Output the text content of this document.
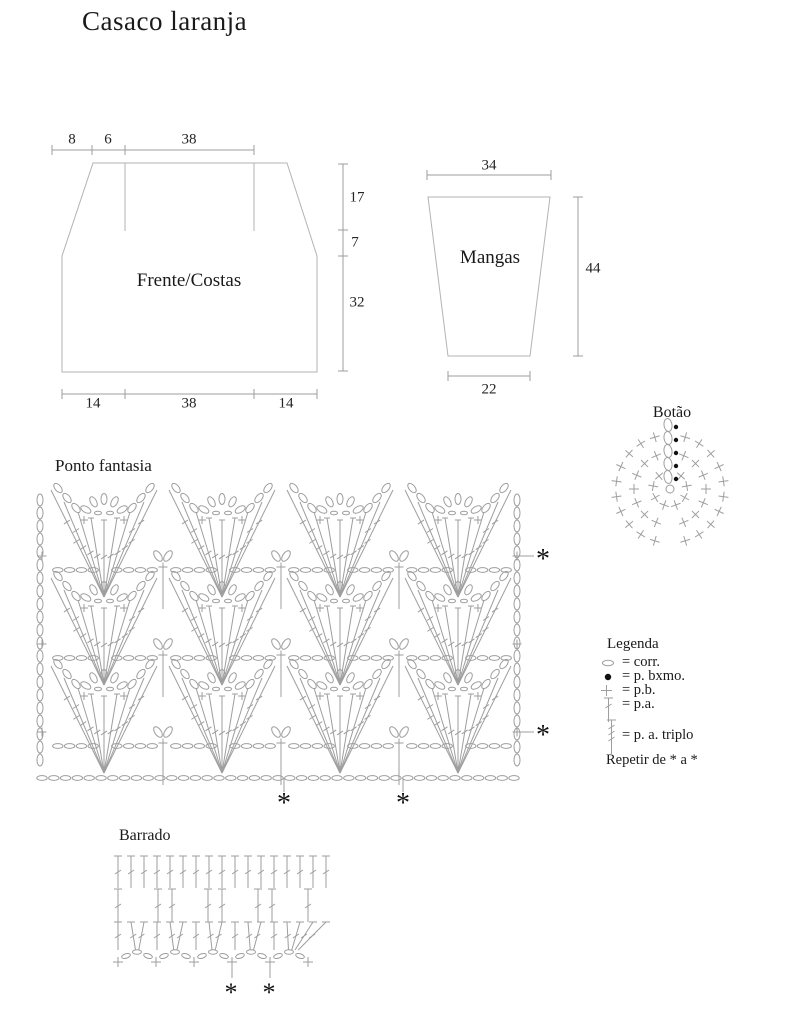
Casaco laranja
Frente/Costas
8 6	38
17
7
32
14	38	14
Mangas
34
44
22
Botão
Ponto fantasia
*
*
*	*
Legenda
= corr.
= p. bxmo.
= p.b.
= p.a.
= p. a. triplo
Repetir de * a *
Barrado
* *
